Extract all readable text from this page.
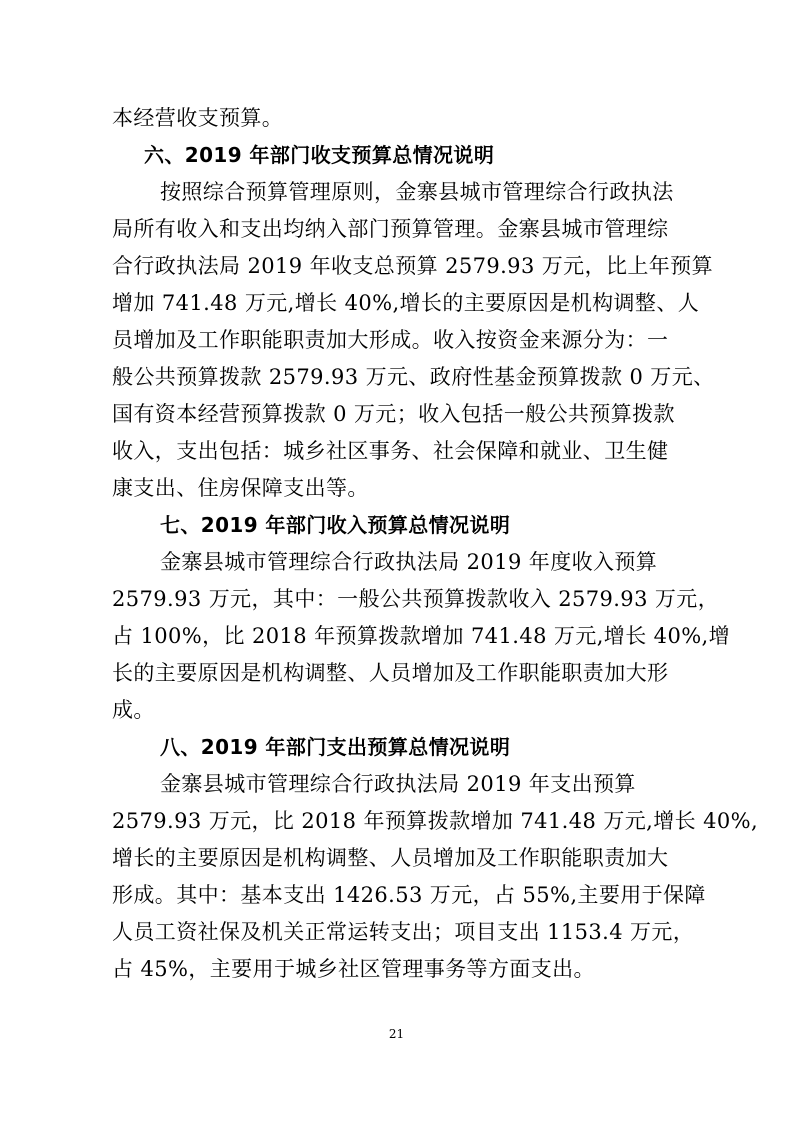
本经营收支预算。
六、2019 年部门收支预算总情况说明
按照综合预算管理原则，金寨县城市管理综合行政执法
局所有收入和支出均纳入部门预算管理。金寨县城市管理综
合行政执法局 2019 年收支总预算 2579.93 万元，比上年预算
增加 741.48 万元,增长 40%,增长的主要原因是机构调整、人
员增加及工作职能职责加大形成。收入按资金来源分为：一
般公共预算拨款 2579.93 万元、政府性基金预算拨款 0 万元、
国有资本经营预算拨款 0 万元；收入包括一般公共预算拨款
收入，支出包括：城乡社区事务、社会保障和就业、卫生健
康支出、住房保障支出等。
七、2019 年部门收入预算总情况说明
金寨县城市管理综合行政执法局 2019 年度收入预算
2579.93 万元，其中：一般公共预算拨款收入 2579.93 万元，
占 100%，比 2018 年预算拨款增加 741.48 万元,增长 40%,增
长的主要原因是机构调整、人员增加及工作职能职责加大形
成。
八、2019 年部门支出预算总情况说明
金寨县城市管理综合行政执法局 2019 年支出预算
2579.93 万元，比 2018 年预算拨款增加 741.48 万元,增长 40%,
增长的主要原因是机构调整、人员增加及工作职能职责加大
形成。其中：基本支出 1426.53 万元，占 55%,主要用于保障
人员工资社保及机关正常运转支出；项目支出 1153.4 万元，
21
占 45%，主要用于城乡社区管理事务等方面支出。
